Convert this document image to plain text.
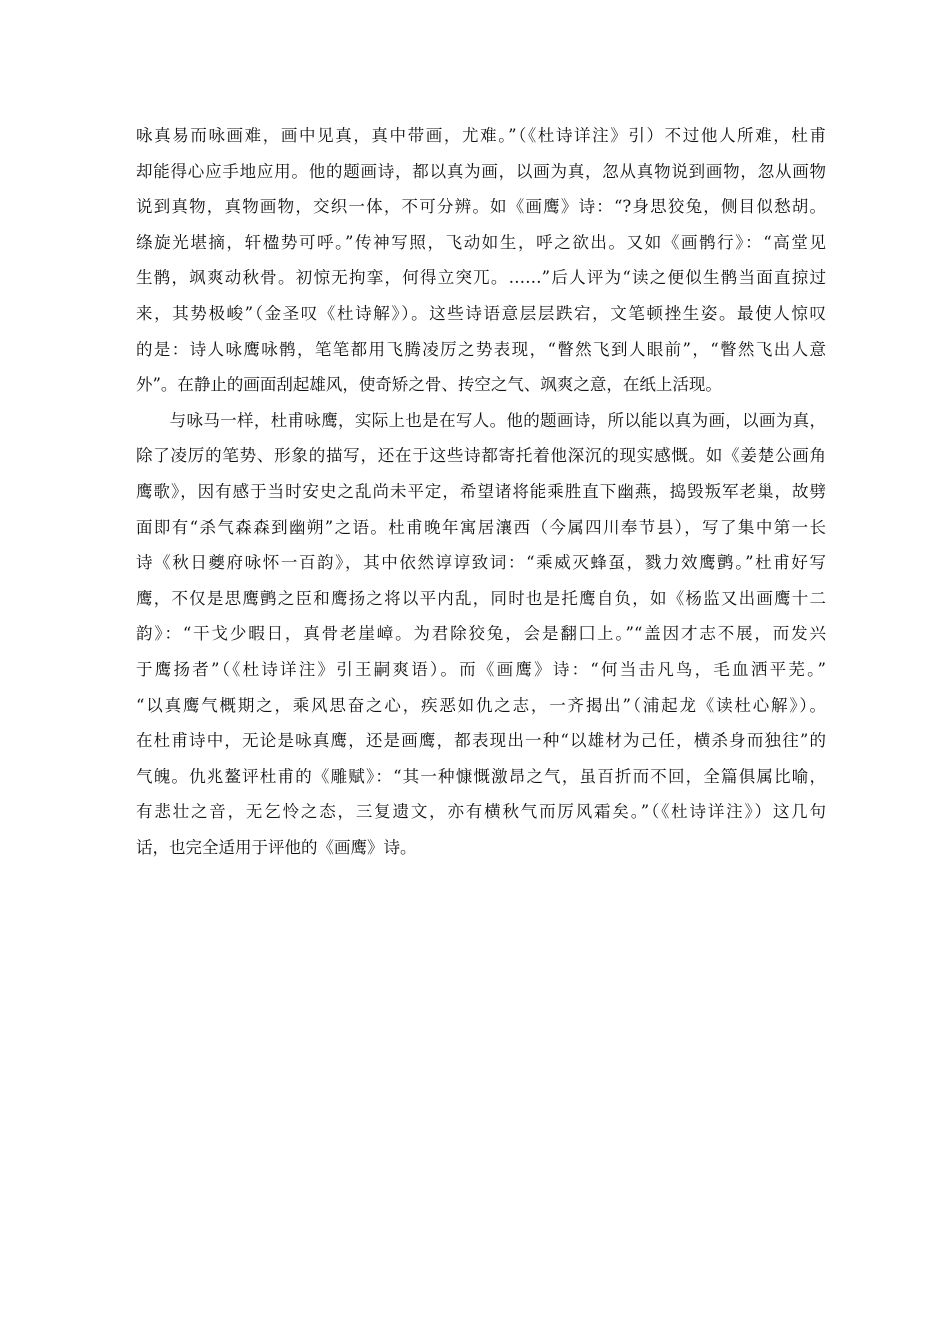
咏真易而咏画难，画中见真，真中带画，尤难。”（《杜诗详注》引）不过他人所难，杜甫
却能得心应手地应用。他的题画诗，都以真为画，以画为真，忽从真物说到画物，忽从画物
说到真物，真物画物，交织一体，不可分辨。如《画鹰》诗：“?身思狡兔，侧目似愁胡。
绦旋光堪摘，轩楹势可呼。”传神写照，飞动如生，呼之欲出。又如《画鹘行》：“高堂见
生鹘，飒爽动秋骨。初惊无拘挛，何得立突兀。……”后人评为“读之便似生鹘当面直掠过
来，其势极峻”（金圣叹《杜诗解》）。这些诗语意层层跌宕，文笔顿挫生姿。最使人惊叹
的是：诗人咏鹰咏鹘，笔笔都用飞腾凌厉之势表现，“瞥然飞到人眼前”，“瞥然飞出人意
外”。在静止的画面刮起雄风，使奇矫之骨、抟空之气、飒爽之意，在纸上活现。
　　与咏马一样，杜甫咏鹰，实际上也是在写人。他的题画诗，所以能以真为画，以画为真，
除了凌厉的笔势、形象的描写，还在于这些诗都寄托着他深沉的现实感慨。如《姜楚公画角
鹰歌》，因有感于当时安史之乱尚未平定，希望诸将能乘胜直下幽燕，捣毁叛军老巢，故劈
面即有“杀气森森到幽朔”之语。杜甫晚年寓居瀼西（今属四川奉节县），写了集中第一长
诗《秋日夔府咏怀一百韵》，其中依然谆谆致词：“乘威灭蜂虿，戮力效鹰鹯。”杜甫好写
鹰，不仅是思鹰鹯之臣和鹰扬之将以平内乱，同时也是托鹰自负，如《杨监又出画鹰十二
韵》：“干戈少暇日，真骨老崖嶂。为君除狡兔，会是翻囗上。”“盖因才志不展，而发兴
于鹰扬者”（《杜诗详注》引王嗣爽语）。而《画鹰》诗：“何当击凡鸟，毛血洒平芜。”
“以真鹰气概期之，乘风思奋之心，疾恶如仇之志，一齐揭出”（浦起龙《读杜心解》）。
在杜甫诗中，无论是咏真鹰，还是画鹰，都表现出一种“以雄材为己任，横杀身而独往”的
气魄。仇兆鳌评杜甫的《雕赋》：“其一种慷慨激昂之气，虽百折而不回，全篇俱属比喻，
有悲壮之音，无乞怜之态，三复遗文，亦有横秋气而厉风霜矣。”（《杜诗详注》）这几句
话，也完全适用于评他的《画鹰》诗。
